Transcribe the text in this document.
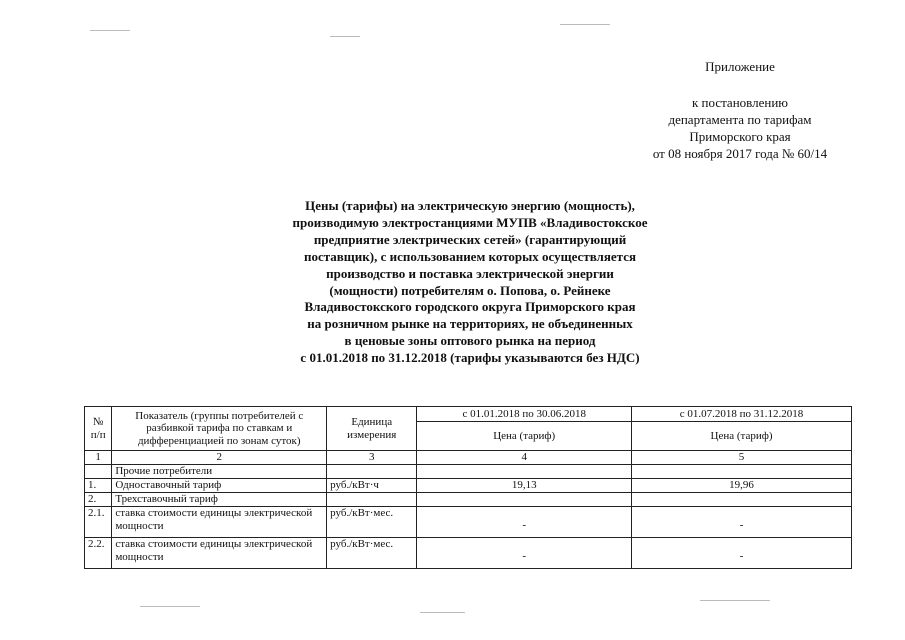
Приложение
к постановлению
департамента по тарифам
Приморского края
от 08 ноября 2017 года № 60/14
Цены (тарифы) на электрическую энергию (мощность),
производимую электростанциями МУПВ «Владивостокское
предприятие электрических сетей» (гарантирующий
поставщик), с использованием которых осуществляется
производство и поставка электрической энергии
(мощности) потребителям о. Попова, о. Рейнеке
Владивостокского городского округа Приморского края
на розничном рынке на территориях, не объединенных
в ценовые зоны оптового рынка на период
с 01.01.2018 по 31.12.2018 (тарифы указываются без НДС)
№ п/п	Показатель (группы потребителей с разбивкой тарифа по ставкам и дифференциацией по зонам суток)	Единица измерения	с 01.01.2018 по 30.06.2018	с 01.07.2018 по 31.12.2018
			Цена (тариф)	Цена (тариф)
1	2	3	4	5
	Прочие потребители			
1.	Одноставочный тариф	руб./кВт·ч	19,13	19,96
2.	Трехставочный тариф			
2.1.	ставка стоимости единицы электрической мощности	руб./кВт·мес.	-	-
2.2.	ставка стоимости единицы электрической мощности	руб./кВт·мес.	-	-
